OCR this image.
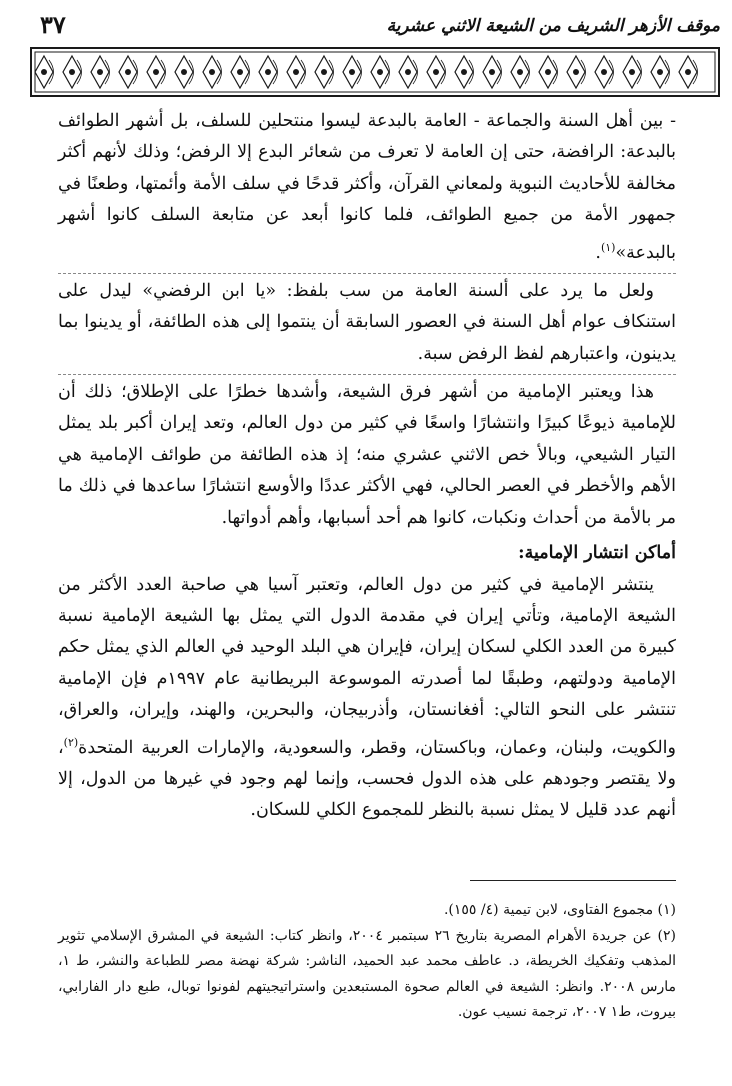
٣٧	موقف الأزهر الشريف من الشيعة الاثني عشرية

- بين أهل السنة والجماعة - العامة بالبدعة ليسوا منتحلين للسلف، بل أشهر الطوائف بالبدعة: الرافضة، حتى إن العامة لا تعرف من شعائر البدع إلا الرفض؛ وذلك لأنهم أكثر مخالفة للأحاديث النبوية ولمعاني القرآن، وأكثر قدحًا في سلف الأمة وأئمتها، وطعنًا في جمهور الأمة من جميع الطوائف، فلما كانوا أبعد عن متابعة السلف كانوا أشهر بالبدعة»$^{(١)}$.

ولعل ما يرد على ألسنة العامة من سب بلفظ: «يا ابن الرفضي» ليدل على استنكاف عوام أهل السنة في العصور السابقة أن ينتموا إلى هذه الطائفة، أو يدينوا بما يدينون، واعتبارهم لفظ الرفض سبة.

هذا ويعتبر الإمامية من أشهر فرق الشيعة، وأشدها خطرًا على الإطلاق؛ ذلك أن للإمامية ذيوعًا كبيرًا وانتشارًا واسعًا في كثير من دول العالم، وتعد إيران أكبر بلد يمثل التيار الشيعي، وبالأ خص الاثني عشري منه؛ إذ هذه الطائفة من طوائف الإمامية هي الأهم والأخطر في العصر الحالي، فهي الأكثر عددًا والأوسع انتشارًا ساعدها في ذلك ما مر بالأمة من أحداث ونكبات، كانوا هم أحد أسبابها، وأهم أدواتها.

أماكن انتشار الإمامية:

ينتشر الإمامية في كثير من دول العالم، وتعتبر آسيا هي صاحبة العدد الأكثر من الشيعة الإمامية، وتأتي إيران في مقدمة الدول التي يمثل بها الشيعة الإمامية نسبة كبيرة من العدد الكلي لسكان إيران، فإيران هي البلد الوحيد في العالم الذي يمثل حكم الإمامية ودولتهم، وطبقًا لما أصدرته الموسوعة البريطانية عام ١٩٩٧م فإن الإمامية تنتشر على النحو التالي: أفغانستان، وأذربيجان، والبحرين، والهند، وإيران، والعراق، والكويت، ولبنان، وعمان، وباكستان، وقطر، والسعودية، والإمارات العربية المتحدة$^{(٢)}$، ولا يقتصر وجودهم على هذه الدول فحسب، وإنما لهم وجود في غيرها من الدول، إلا أنهم عدد قليل لا يمثل نسبة بالنظر للمجموع الكلي للسكان.

(١) مجموع الفتاوى، لابن تيمية (٤/ ١٥٥).

(٢) عن جريدة الأهرام المصرية بتاريخ ٢٦ سبتمبر ٢٠٠٤، وانظر كتاب: الشيعة في المشرق الإسلامي تثوير المذهب وتفكيك الخريطة، د. عاطف محمد عبد الحميد، الناشر: شركة نهضة مصر للطباعة والنشر، ط ١، مارس ٢٠٠٨. وانظر: الشيعة في العالم صحوة المستبعدين واستراتيجيتهم لفونوا توبال، طبع دار الفارابي، بيروت، ط١ ٢٠٠٧، ترجمة نسيب عون.
